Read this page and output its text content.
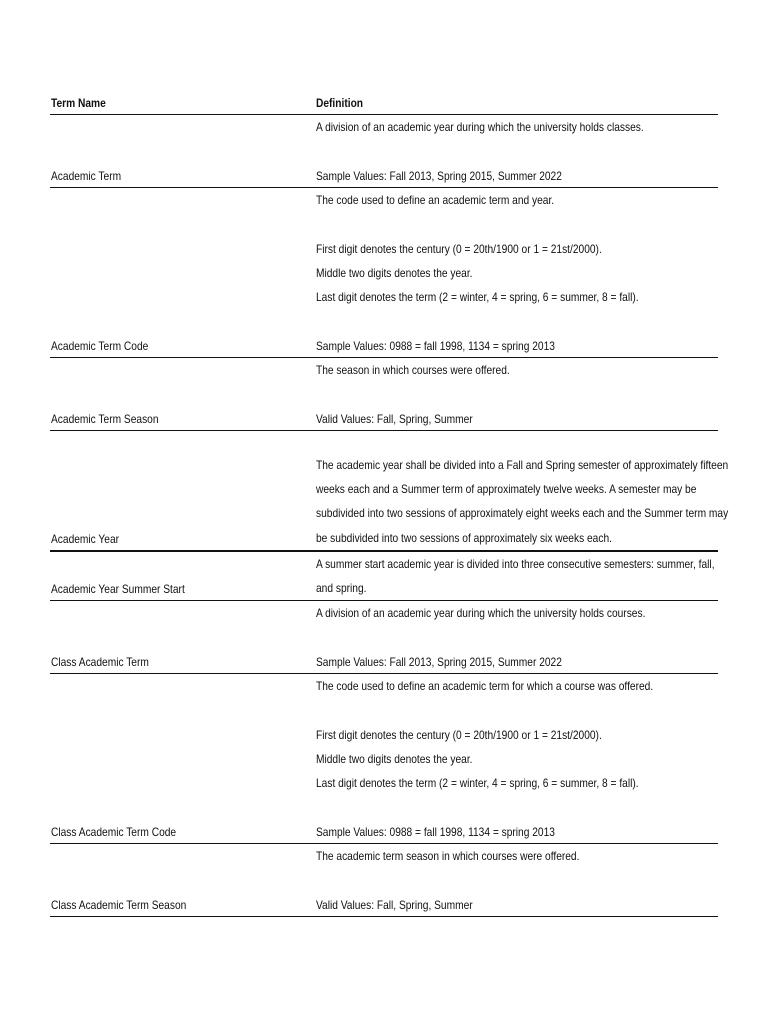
Term Name	Definition
Academic Term
A division of an academic year during which the university holds classes.
Sample Values: Fall 2013, Spring 2015, Summer 2022
Academic Term Code
The code used to define an academic term and year.
First digit denotes the century (0 = 20th/1900 or 1 = 21st/2000).
Middle two digits denotes the year.
Last digit denotes the term (2 = winter, 4 = spring, 6 = summer, 8 = fall).
Sample Values: 0988 = fall 1998, 1134 = spring 2013
Academic Term Season
The season in which courses were offered.
Valid Values: Fall, Spring, Summer
Academic Year
The academic year shall be divided into a Fall and Spring semester of approximately fifteen
weeks each and a Summer term of approximately twelve weeks. A semester may be
subdivided into two sessions of approximately eight weeks each and the Summer term may
be subdivided into two sessions of approximately six weeks each.
Academic Year Summer Start
A summer start academic year is divided into three consecutive semesters: summer, fall,
and spring.
Class Academic Term
A division of an academic year during which the university holds courses.
Sample Values: Fall 2013, Spring 2015, Summer 2022
Class Academic Term Code
The code used to define an academic term for which a course was offered.
First digit denotes the century (0 = 20th/1900 or 1 = 21st/2000).
Middle two digits denotes the year.
Last digit denotes the term (2 = winter, 4 = spring, 6 = summer, 8 = fall).
Sample Values: 0988 = fall 1998, 1134 = spring 2013
Class Academic Term Season
The academic term season in which courses were offered.
Valid Values: Fall, Spring, Summer
